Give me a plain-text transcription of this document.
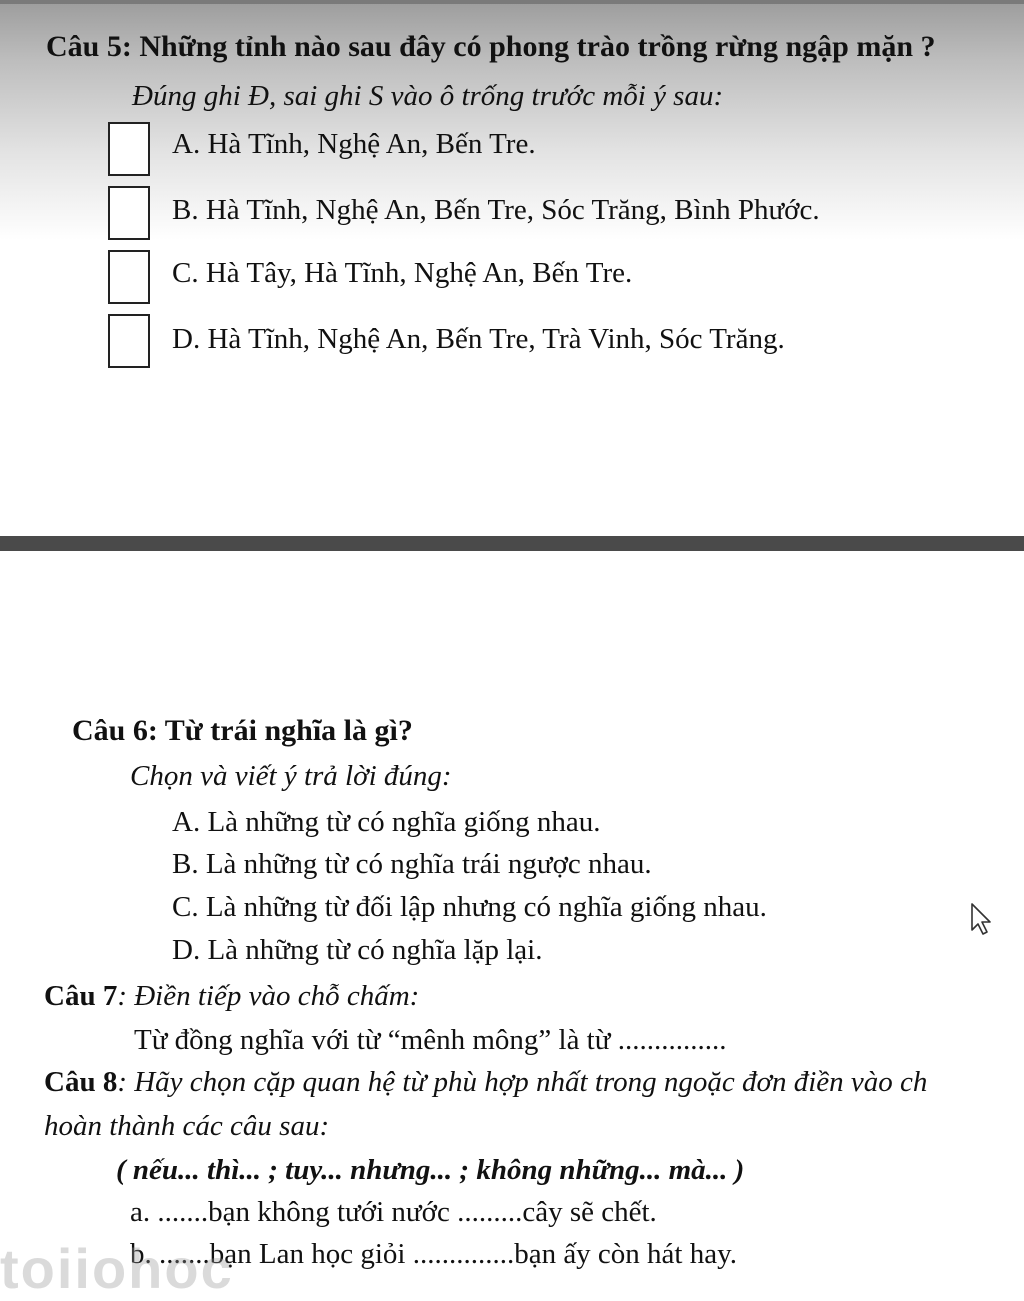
Câu 5: Những tỉnh nào sau đây có phong trào trồng rừng ngập mặn ?
Đúng ghi Đ, sai ghi S vào ô trống trước mỗi ý sau:
A. Hà Tĩnh, Nghệ An, Bến Tre.
B. Hà Tĩnh, Nghệ An, Bến Tre, Sóc Trăng, Bình Phước.
C. Hà Tây, Hà Tĩnh, Nghệ An, Bến Tre.
D. Hà Tĩnh, Nghệ An, Bến Tre, Trà Vinh, Sóc Trăng.
Câu 6: Từ trái nghĩa là gì?
Chọn và viết ý trả lời đúng:
A. Là những từ có nghĩa giống nhau.
B. Là những từ có nghĩa trái ngược nhau.
C. Là những từ đối lập nhưng có nghĩa giống nhau.
D. Là những từ có nghĩa lặp lại.
Câu 7: Điền tiếp vào chỗ chấm:
Từ đồng nghĩa với từ “mênh mông” là từ ...............
Câu 8: Hãy chọn cặp quan hệ từ phù hợp nhất trong ngoặc đơn điền vào ch
hoàn thành các câu sau:
( nếu... thì... ; tuy... nhưng... ; không những... mà... )
a. .......bạn không tưới nước .........cây sẽ chết.
b. .......bạn Lan học giỏi ..............bạn ấy còn hát hay.
toiiohoc
